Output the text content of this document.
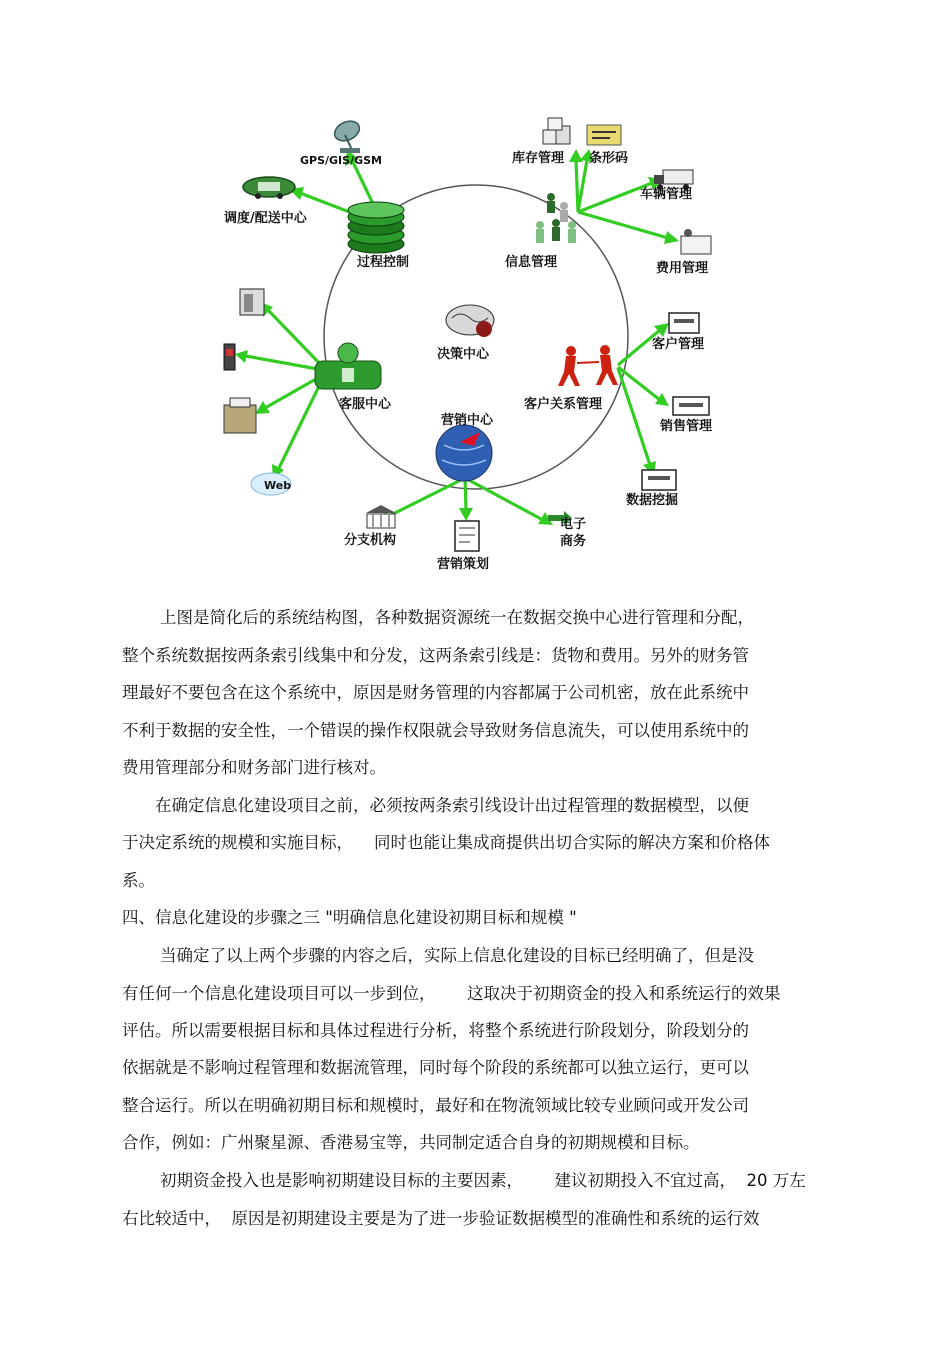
GPS/GIS/GSM
调度/配送中心
过程控制
库存管理 条形码
车辆管理
信息管理	费用管理
决策中心
客服中心
客户管理
客户关系管理
销售管理
营销中心
数据挖掘
Web
分支机构
营销策划
电子
商务
上图是简化后的系统结构图，各种数据资源统一在数据交换中心进行管理和分配，
整个系统数据按两条索引线集中和分发，这两条索引线是：货物和费用。另外的财务管
理最好不要包含在这个系统中，原因是财务管理的内容都属于公司机密，放在此系统中
不利于数据的安全性，一个错误的操作权限就会导致财务信息流失，可以使用系统中的
费用管理部分和财务部门进行核对。
在确定信息化建设项目之前，必须按两条索引线设计出过程管理的数据模型，以便
于决定系统的规模和实施目标，    同时也能让集成商提供出切合实际的解决方案和价格体
系。
四、信息化建设的步骤之三 "明确信息化建设初期目标和规模 "
当确定了以上两个步骤的内容之后，实际上信息化建设的目标已经明确了，但是没
有任何一个信息化建设项目可以一步到位，      这取决于初期资金的投入和系统运行的效果
评估。所以需要根据目标和具体过程进行分析，将整个系统进行阶段划分，阶段划分的
依据就是不影响过程管理和数据流管理，同时每个阶段的系统都可以独立运行，更可以
整合运行。所以在明确初期目标和规模时，最好和在物流领域比较专业顾问或开发公司
合作，例如：广州聚星源、香港易宝等，共同制定适合自身的初期规模和目标。
初期资金投入也是影响初期建设目标的主要因素，      建议初期投入不宜过高，  20 万左
右比较适中，  原因是初期建设主要是为了进一步验证数据模型的准确性和系统的运行效
